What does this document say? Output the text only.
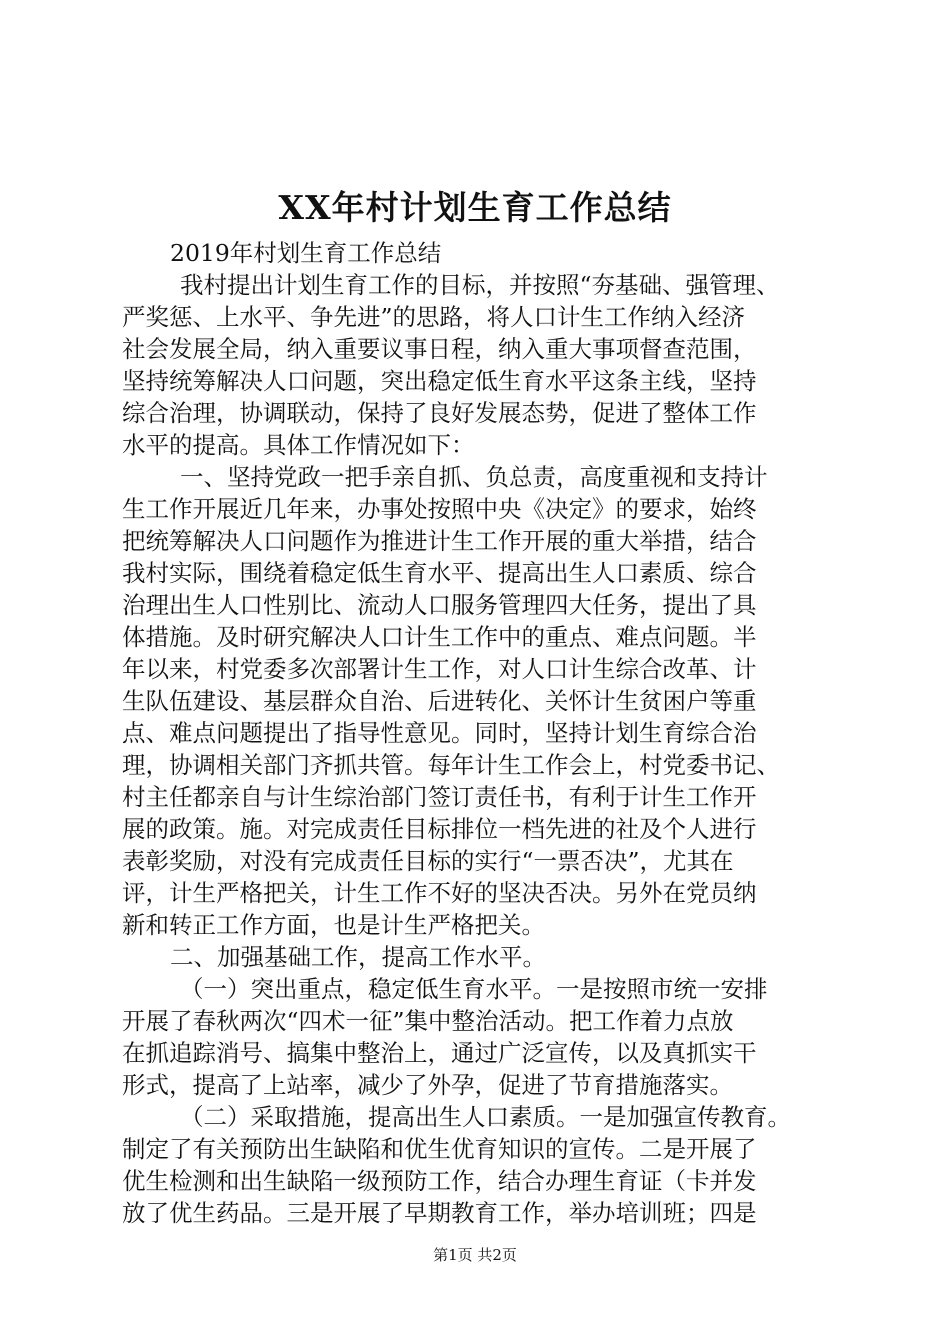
XX年村计划生育工作总结
2019年村划生育工作总结
我村提出计划生育工作的目标，并按照“夯基础、强管理、
严奖惩、上水平、争先进”的思路，将人口计生工作纳入经济
社会发展全局，纳入重要议事日程，纳入重大事项督查范围，
坚持统筹解决人口问题，突出稳定低生育水平这条主线，坚持
综合治理，协调联动，保持了良好发展态势，促进了整体工作
水平的提高。具体工作情况如下：
一、坚持党政一把手亲自抓、负总责，高度重视和支持计
生工作开展近几年来，办事处按照中央《决定》的要求，始终
把统筹解决人口问题作为推进计生工作开展的重大举措，结合
我村实际，围绕着稳定低生育水平、提高出生人口素质、综合
治理出生人口性别比、流动人口服务管理四大任务，提出了具
体措施。及时研究解决人口计生工作中的重点、难点问题。半
年以来，村党委多次部署计生工作，对人口计生综合改革、计
生队伍建设、基层群众自治、后进转化、关怀计生贫困户等重
点、难点问题提出了指导性意见。同时，坚持计划生育综合治
理，协调相关部门齐抓共管。每年计生工作会上，村党委书记、
村主任都亲自与计生综治部门签订责任书，有利于计生工作开
展的政策。施。对完成责任目标排位一档先进的社及个人进行
表彰奖励，对没有完成责任目标的实行“一票否决”，尤其在
评，计生严格把关，计生工作不好的坚决否决。另外在党员纳
新和转正工作方面，也是计生严格把关。
二、加强基础工作，提高工作水平。
（一）突出重点，稳定低生育水平。一是按照市统一安排
开展了春秋两次“四术一征”集中整治活动。把工作着力点放
在抓追踪消号、搞集中整治上，通过广泛宣传，以及真抓实干
形式，提高了上站率，减少了外孕，促进了节育措施落实。
（二）采取措施，提高出生人口素质。一是加强宣传教育。
制定了有关预防出生缺陷和优生优育知识的宣传。二是开展了
优生检测和出生缺陷一级预防工作，结合办理生育证（卡并发
放了优生药品。三是开展了早期教育工作，举办培训班；四是
第1页 共2页
